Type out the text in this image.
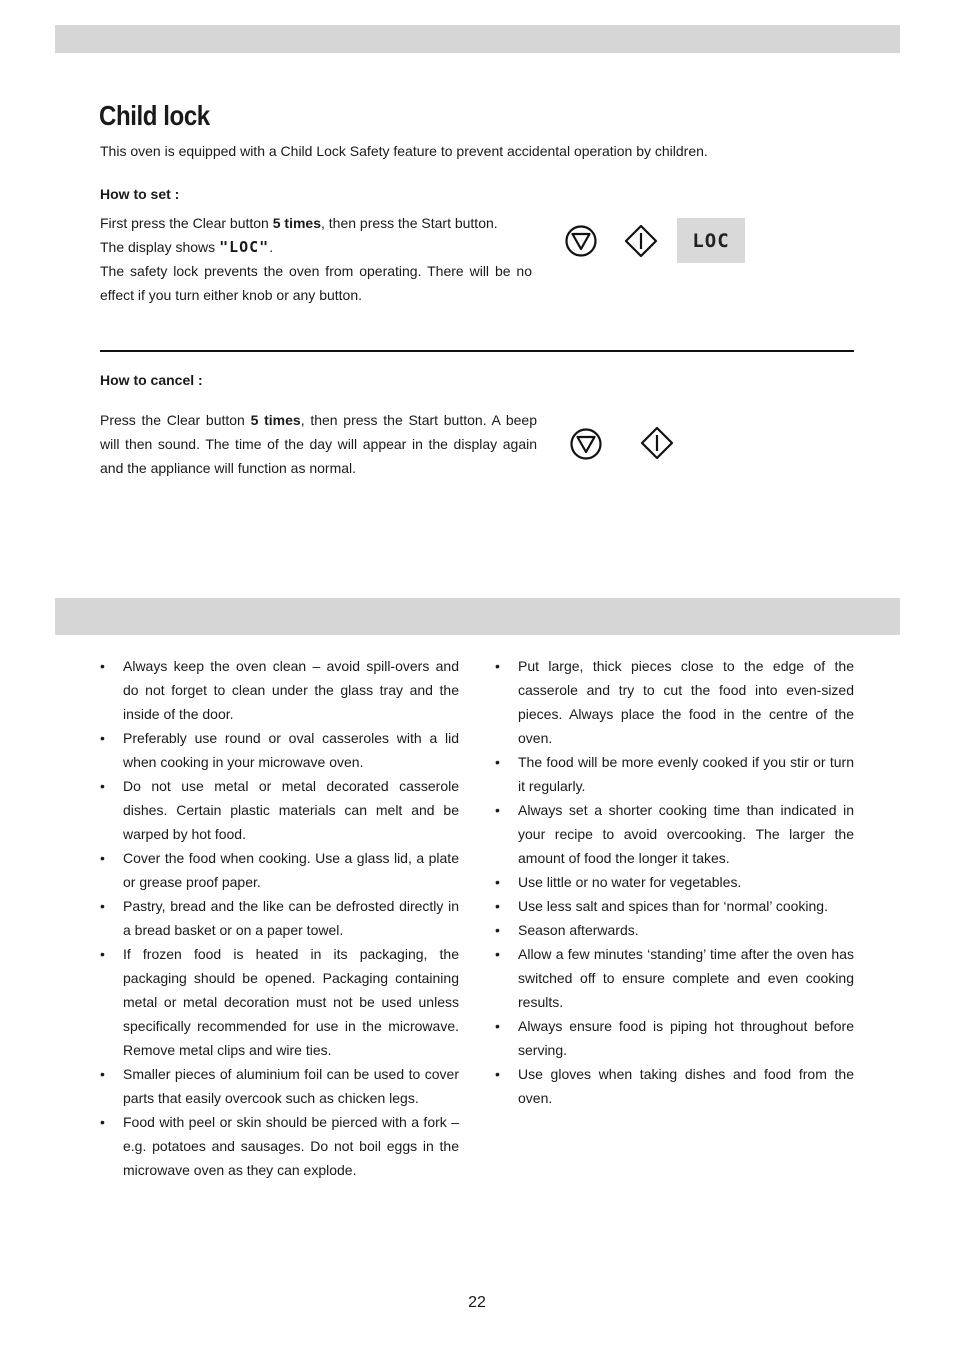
Child lock

This oven is equipped with a Child Lock Safety feature to prevent accidental operation by children.

How to set :

First press the Clear button 5 times, then press the Start button.

The display shows "LOC".

The safety lock prevents the oven from operating. There will be no effect if you turn either knob or any button.

LOC

How to cancel :

Press the Clear button 5 times, then press the Start button. A beep will then sound. The time of the day will appear in the display again and the appliance will function as normal.

• Always keep the oven clean – avoid spill-overs and do not forget to clean under the glass tray and the inside of the door.
• Preferably use round or oval casseroles with a lid when cooking in your microwave oven.
• Do not use metal or metal decorated casserole dishes. Certain plastic materials can melt and be warped by hot food.
• Cover the food when cooking. Use a glass lid, a plate or grease proof paper.
• Pastry, bread and the like can be defrosted directly in a bread basket or on a paper towel.
• If frozen food is heated in its packaging, the packaging should be opened. Packaging containing metal or metal decoration must not be used unless specifically recommended for use in the microwave. Remove metal clips and wire ties.
• Smaller pieces of aluminium foil can be used to cover parts that easily overcook such as chicken legs.
• Food with peel or skin should be pierced with a fork – e.g. potatoes and sausages. Do not boil eggs in the microwave oven as they can explode.
• Put large, thick pieces close to the edge of the casserole and try to cut the food into even-sized pieces. Always place the food in the centre of the oven.
• The food will be more evenly cooked if you stir or turn it regularly.
• Always set a shorter cooking time than indicated in your recipe to avoid overcooking. The larger the amount of food the longer it takes.
• Use little or no water for vegetables.
• Use less salt and spices than for ‘normal’ cooking.
• Season afterwards.
• Allow a few minutes ‘standing’ time after the oven has switched off to ensure complete and even cooking results.
• Always ensure food is piping hot throughout before serving.
• Use gloves when taking dishes and food from the oven.
22
